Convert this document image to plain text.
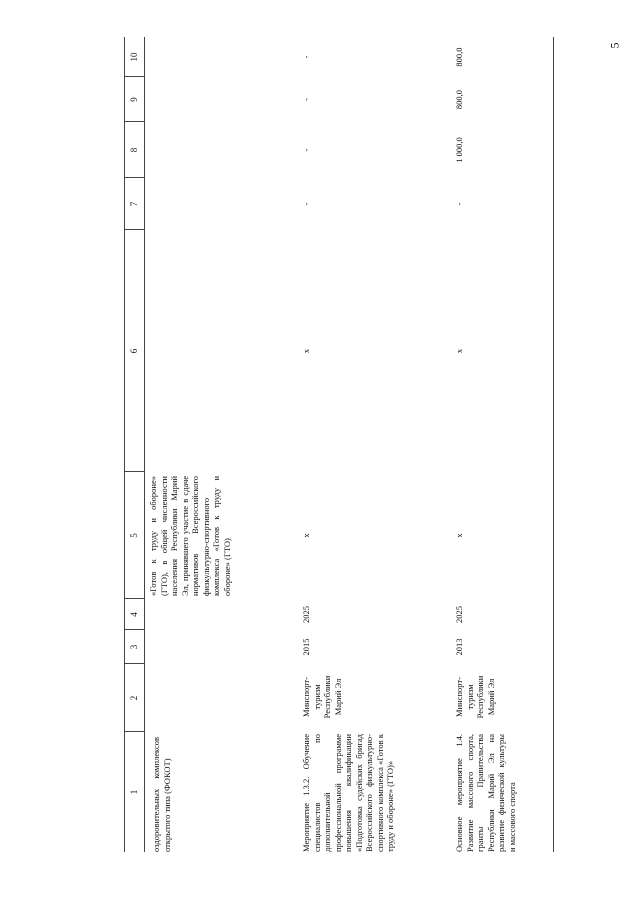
5
1
2
3
4
5
6
7
8
9
10
оздоровительных комплексов открытого типа (ФОКОТ)
«Готов к труду и обороне» (ГТО), в общей численности населения Республики Марий Эл, принявшего участие в сдаче нормативов Всероссийского физкультурно-спортивного комплекса «Готов к труду и обороне» (ГТО)
Мероприятие 1.3.2. Обучение специалистов по дополнительной профессиональной программе повышения квалификации «Подготовка судейских бригад Всероссийского физкультурно-спортивного комплекса «Готов к труду и обороне» (ГТО)»
Минспорт-туризм Республики Марий Эл
2015
2025
x
x
-
-
-
-
Основное мероприятие 1.4. Развитие массового спорта, гранты Правительства Республики Марий Эл на развитие физической культуры и массового спорта
Минспорт-туризм Республики Марий Эл
2013
2025
x
x
-
1 000,0
800,0
800,0
